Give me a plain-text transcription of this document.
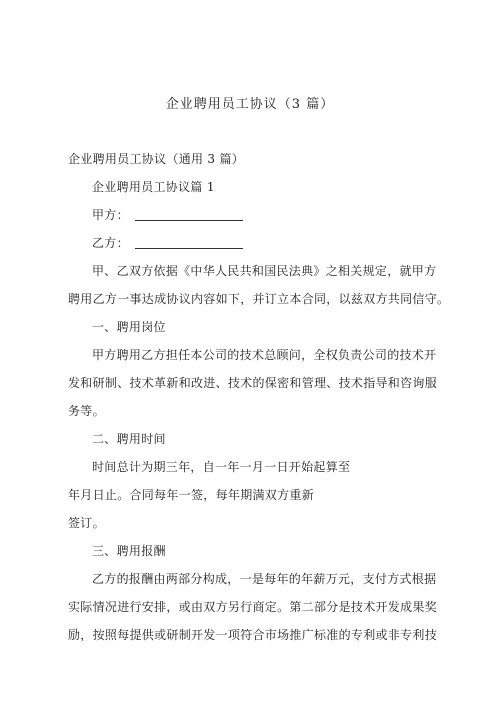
企业聘用员工协议（3 篇）
企业聘用员工协议（通用 3 篇）
企业聘用员工协议篇 1
甲方：
乙方：
甲、乙双方依据《中华人民共和国民法典》之相关规定，就甲方
聘用乙方一事达成协议内容如下，并订立本合同，以兹双方共同信守。
一、聘用岗位
甲方聘用乙方担任本公司的技术总顾问，全权负责公司的技术开
发和研制、技术革新和改进、技术的保密和管理、技术指导和咨询服
务等。
二、聘用时间
时间总计为期三年，自一年一月一日开始起算至
年月日止。合同每年一签，每年期满双方重新
签订。
三、聘用报酬
乙方的报酬由两部分构成，一是每年的年薪万元，支付方式根据
实际情况进行安排，或由双方另行商定。第二部分是技术开发成果奖
励，按照每提供或研制开发一项符合市场推广标准的专利或非专利技
